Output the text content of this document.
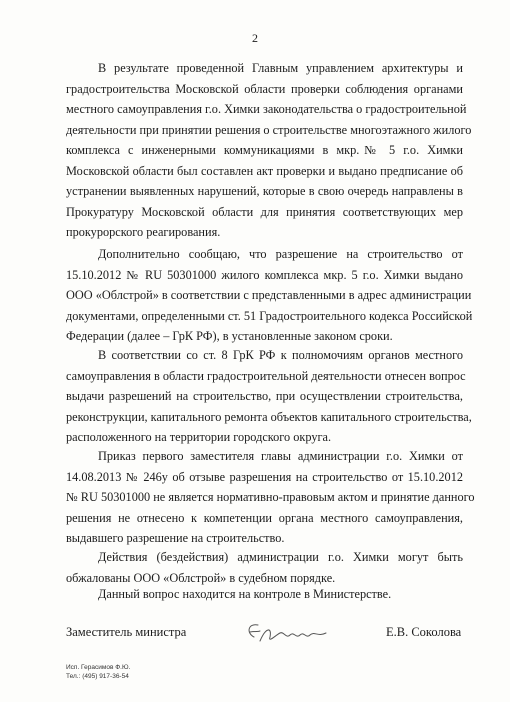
2
В результате проведенной Главным управлением архитектуры и
градостроительства Московской области проверки соблюдения органами
местного самоуправления г.о. Химки законодательства о градостроительной
деятельности при принятии решения о строительстве многоэтажного жилого
комплекса с инженерными коммуникациями в мкр.№ 5 г.о. Химки
Московской области был составлен акт проверки и выдано предписание об
устранении выявленных нарушений, которые в свою очередь направлены в
Прокуратуру Московской области для принятия соответствующих мер
прокурорского реагирования.
Дополнительно сообщаю, что разрешение на строительство от
15.10.2012 № RU 50301000 жилого комплекса мкр. 5 г.о. Химки выдано
ООО «Облстрой» в соответствии с представленными в адрес администрации
документами, определенными ст. 51 Градостроительного кодекса Российской
Федерации (далее – ГрК РФ), в установленные законом сроки.
В соответствии со ст. 8 ГрК РФ к полномочиям органов местного
самоуправления в области градостроительной деятельности отнесен вопрос
выдачи разрешений на строительство, при осуществлении строительства,
реконструкции, капитального ремонта объектов капитального строительства,
расположенного на территории городского округа.
Приказ первого заместителя главы администрации г.о. Химки от
14.08.2013 № 246у об отзыве разрешения на строительство от 15.10.2012
№ RU 50301000 не является нормативно-правовым актом и принятие данного
решения не отнесено к компетенции органа местного самоуправления,
выдавшего разрешение на строительство.
Действия (бездействия) администрации г.о. Химки могут быть
обжалованы ООО «Облстрой» в судебном порядке.
Данный вопрос находится на контроле в Министерстве.
Заместитель министра	Е.В. Соколова
Исп. Герасимов Ф.Ю.
Тел.: (495) 917-36-54
